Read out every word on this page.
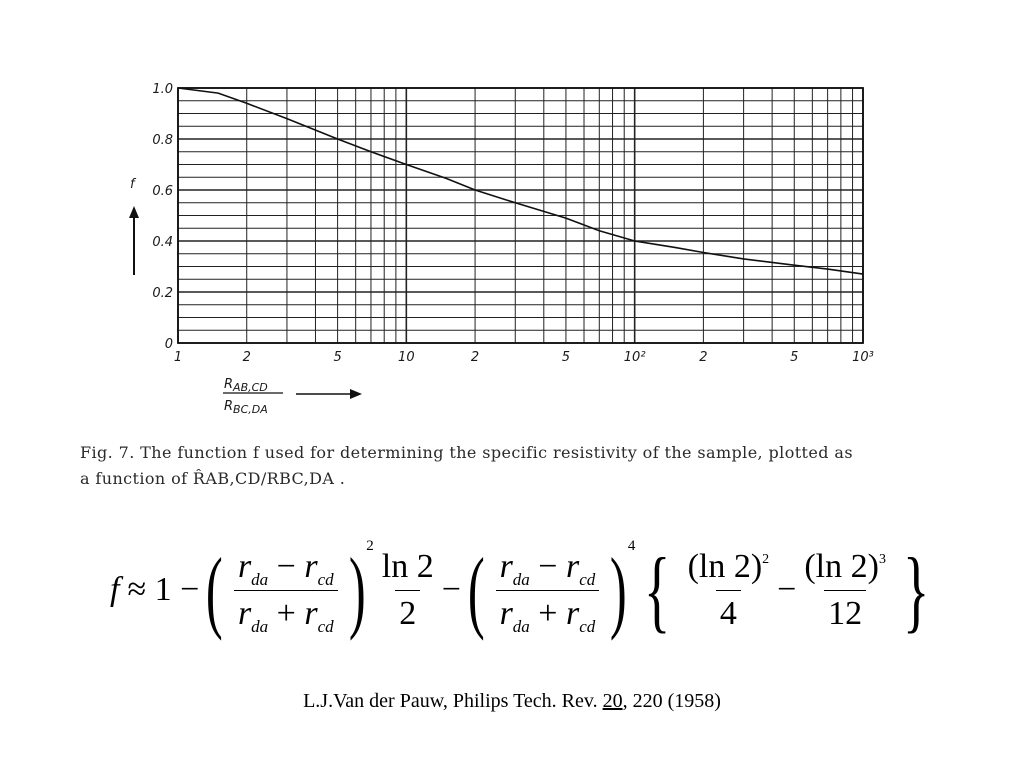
0
0.2
0.4
0.6
0.8
1.0
1	2	5	10	2	5	10²	2	5	10³
f
$R_{AB,CD}$
$R_{BC,DA}$
Fig. 7. The function f used for determining the specific resistivity of the sample, plotted as
a function of R̂AB,CD/RBC,DA .
f ≈ 1 − ( $\frac{r_{da} - r_{cd}}{r_{da} + r_{cd}}$ ) 2
$\frac{\ln 2}{2}$ − ( $\frac{r_{da} - r_{cd}}{r_{da} + r_{cd}}$ ) 4 { $\frac{(\ln 2)^2}{4} - \frac{(\ln 2)^3}{12}$ }
L.J.Van der Pauw, Philips Tech. Rev. 20, 220 (1958)
